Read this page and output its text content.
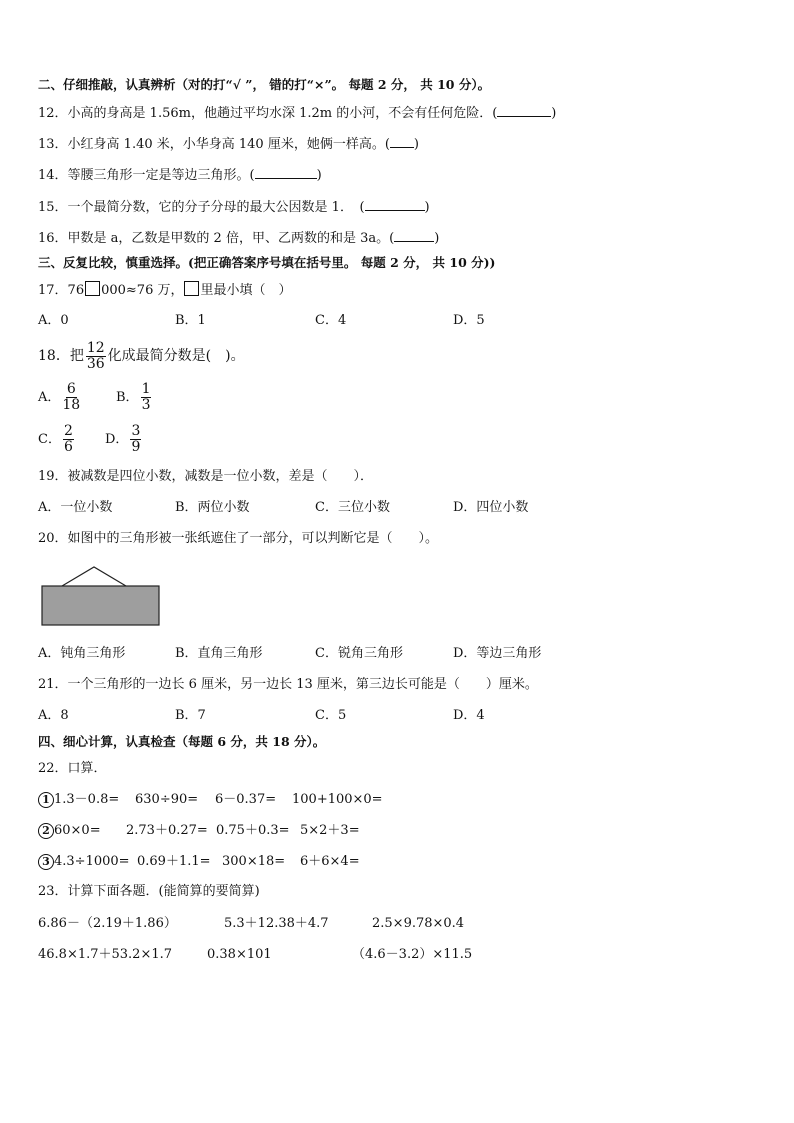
二、仔细推敲，认真辨析（对的打“√ ”， 错的打“×”。 每题 2 分， 共 10 分）。
12．小高的身高是 1.56m，他趟过平均水深 1.2m 的小河，不会有任何危险．(	)
13．小红身高 1.40 米，小华身高 140 厘米，她俩一样高。( )
14．等腰三角形一定是等边三角形。(	)
15．一个最简分数，它的分子分母的最大公因数是 1．　(	)
16．甲数是 a，乙数是甲数的 2 倍，甲、乙两数的和是 3a。(	)
三、反复比较，慎重选择。(把正确答案序号填在括号里。 每题 2 分， 共 10 分))
17．76 000≈76 万， 里最小填（　）
A．0	B．1	C．4	D．5
18．把 $\frac{12}{36}$ 化成最简分数是(　)。
A． $\frac{6}{18}$	B． $\frac{1}{3}$
C． $\frac{2}{6}$ D． $\frac{3}{9}$
19．被减数是四位小数，减数是一位小数，差是（　　）．
A．一位小数	B．两位小数	C．三位小数	D．四位小数
20．如图中的三角形被一张纸遮住了一部分，可以判断它是（　　）。
A．钝角三角形	B．直角三角形	C．锐角三角形	D．等边三角形
21．一个三角形的一边长 6 厘米，另一边长 13 厘米，第三边长可能是（　　）厘米。
A．8	B．7	C．5	D．4
四、细心计算，认真检查（每题 6 分，共 18 分）。
22．口算．
1 1.3－0.8= 630÷90= 6－0.37= 100+100×0=
2 60×0= 2.73＋0.27= 0.75＋0.3= 5×2＋3=
3 4.3÷1000= 0.69＋1.1= 300×18= 6＋6×4=
23．计算下面各题．(能简算的要简算)
6.86－（2.19＋1.86）	5.3＋12.38＋4.7	2.5×9.78×0.4
46.8×1.7＋53.2×1.7	0.38×101	（4.6－3.2）×11.5
